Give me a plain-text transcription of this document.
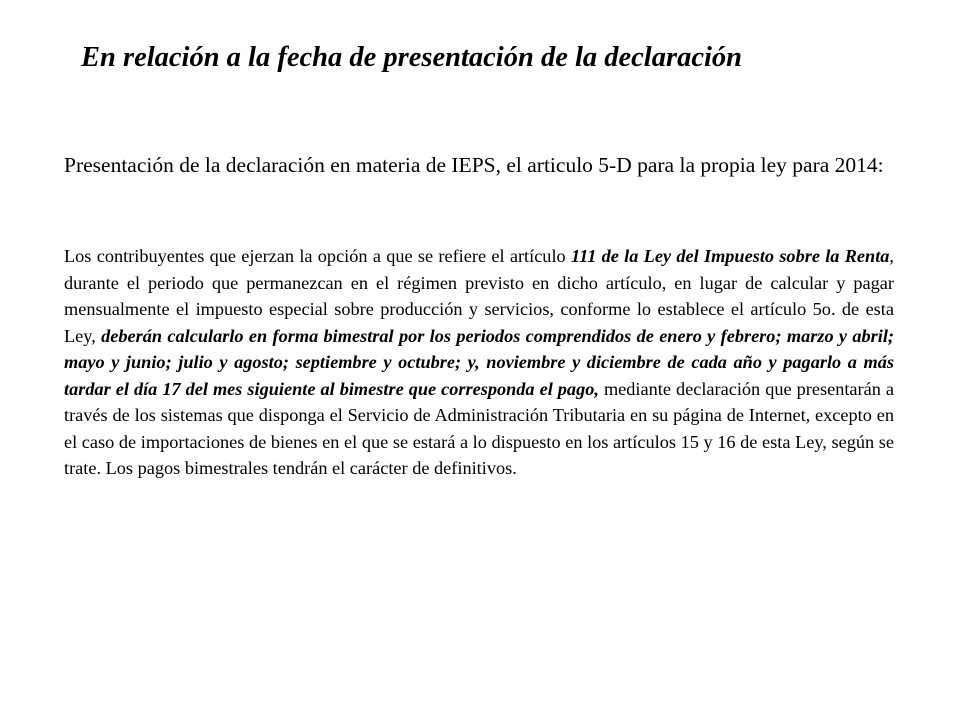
En relación a la fecha de presentación de la declaración

Presentación de la declaración en materia de IEPS, el articulo 5-D para la propia ley para 2014:

Los contribuyentes que ejerzan la opción a que se refiere el artículo 111 de la Ley del Impuesto sobre la Renta, durante el periodo que permanezcan en el régimen previsto en dicho artículo, en lugar de calcular y pagar mensualmente el impuesto especial sobre producción y servicios, conforme lo establece el artículo 5o. de esta Ley, deberán calcularlo en forma bimestral por los periodos comprendidos de enero y febrero; marzo y abril; mayo y junio; julio y agosto; septiembre y octubre; y, noviembre y diciembre de cada año y pagarlo a más tardar el día 17 del mes siguiente al bimestre que corresponda el pago, mediante declaración que presentarán a través de los sistemas que disponga el Servicio de Administración Tributaria en su página de Internet, excepto en el caso de importaciones de bienes en el que se estará a lo dispuesto en los artículos 15 y 16 de esta Ley, según se trate. Los pagos bimestrales tendrán el carácter de definitivos.
